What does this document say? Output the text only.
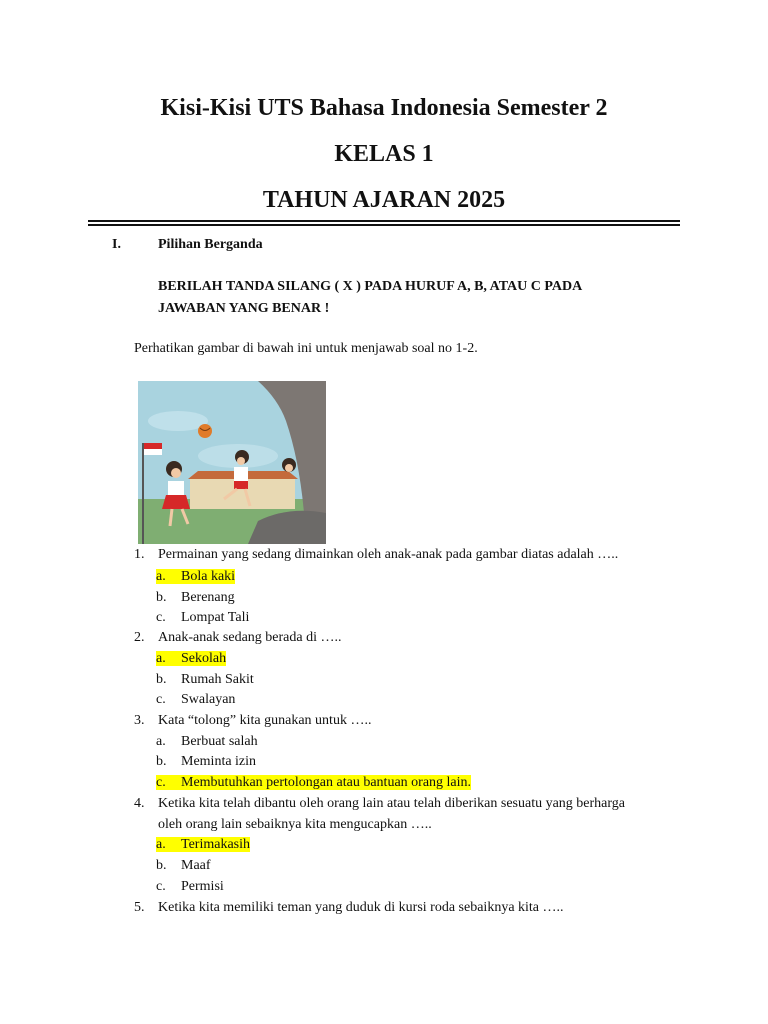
Kisi-Kisi UTS Bahasa Indonesia Semester 2
KELAS 1
TAHUN AJARAN 2025
I.	Pilihan Berganda
BERILAH TANDA SILANG ( X ) PADA HURUF A, B, ATAU C PADA
JAWABAN YANG BENAR !
Perhatikan gambar di bawah ini untuk menjawab soal no 1-2.
1. Permainan yang sedang dimainkan oleh anak-anak pada gambar diatas adalah …..
a. Bola kaki
b. Berenang
c. Lompat Tali
2. Anak-anak sedang berada di …..
a. Sekolah
b. Rumah Sakit
c. Swalayan
3. Kata “tolong” kita gunakan untuk …..
a. Berbuat salah
b. Meminta izin
c. Membutuhkan pertolongan atau bantuan orang lain.
4. Ketika kita telah dibantu oleh orang lain atau telah diberikan sesuatu yang berharga
oleh orang lain sebaiknya kita mengucapkan …..
a. Terimakasih
b. Maaf
c. Permisi
5. Ketika kita memiliki teman yang duduk di kursi roda sebaiknya kita …..
